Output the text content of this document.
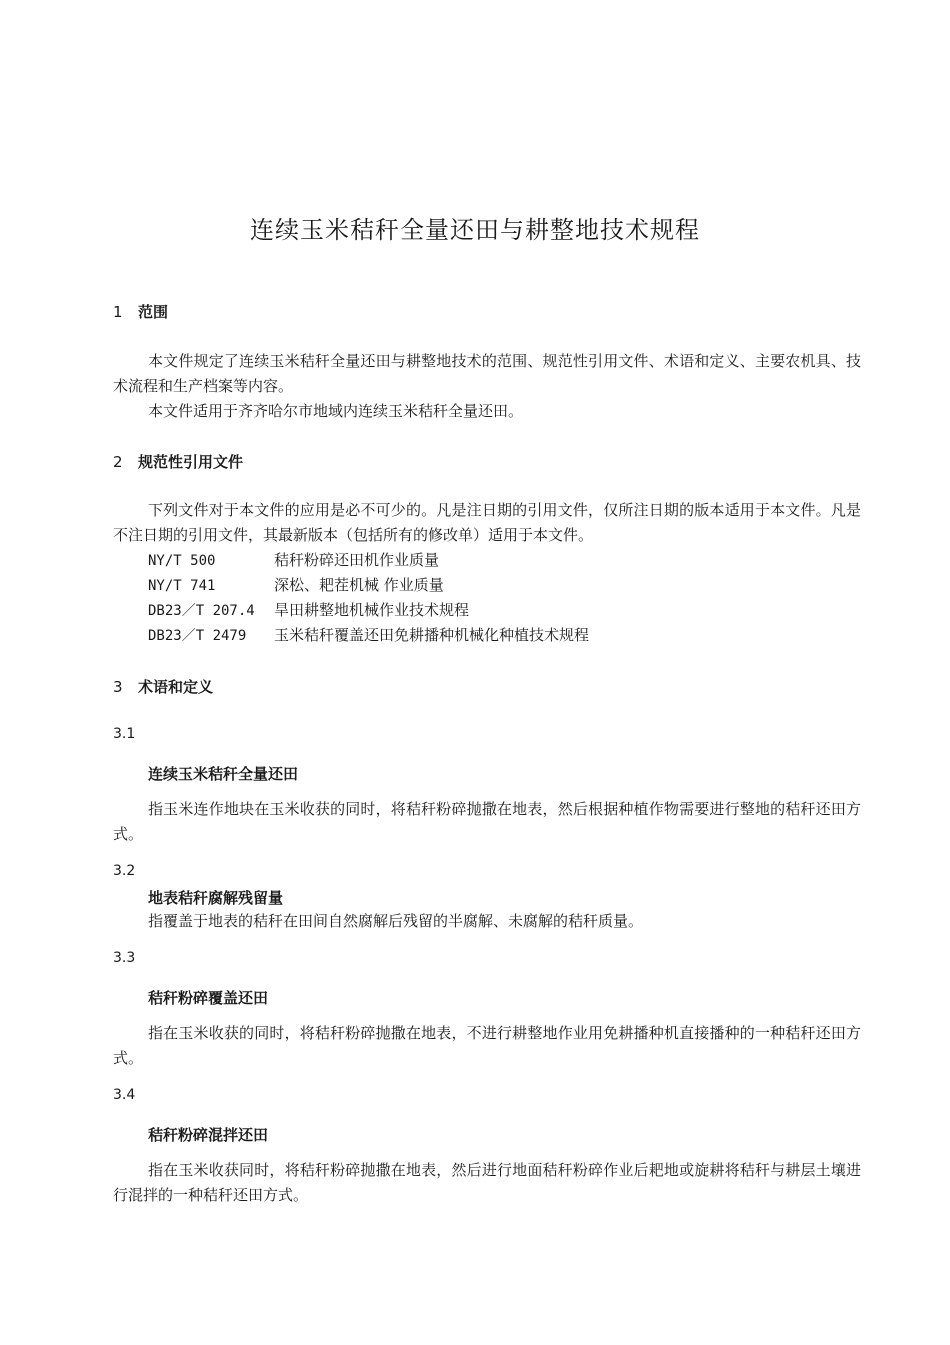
连续玉米秸秆全量还田与耕整地技术规程
1 范围
本文件规定了连续玉米秸秆全量还田与耕整地技术的范围、规范性引用文件、术语和定义、主要农机具、技术流程和生产档案等内容。
本文件适用于齐齐哈尔市地域内连续玉米秸秆全量还田。
2 规范性引用文件
下列文件对于本文件的应用是必不可少的。凡是注日期的引用文件，仅所注日期的版本适用于本文件。凡是不注日期的引用文件，其最新版本（包括所有的修改单）适用于本文件。
NY/T 500	秸秆粉碎还田机作业质量
NY/T 741	深松、耙茬机械 作业质量
DB23／T 207.4 旱田耕整地机械作业技术规程
DB23／T 2479 玉米秸秆覆盖还田免耕播种机械化种植技术规程
3 术语和定义
3.1
连续玉米秸秆全量还田
指玉米连作地块在玉米收获的同时，将秸秆粉碎抛撒在地表，然后根据种植作物需要进行整地的秸秆还田方式。
3.2
地表秸秆腐解残留量
指覆盖于地表的秸秆在田间自然腐解后残留的半腐解、未腐解的秸秆质量。
3.3
秸秆粉碎覆盖还田
指在玉米收获的同时，将秸秆粉碎抛撒在地表，不进行耕整地作业用免耕播种机直接播种的一种秸秆还田方式。
3.4
秸秆粉碎混拌还田
指在玉米收获同时，将秸秆粉碎抛撒在地表，然后进行地面秸秆粉碎作业后耙地或旋耕将秸秆与耕层土壤进行混拌的一种秸秆还田方式。
